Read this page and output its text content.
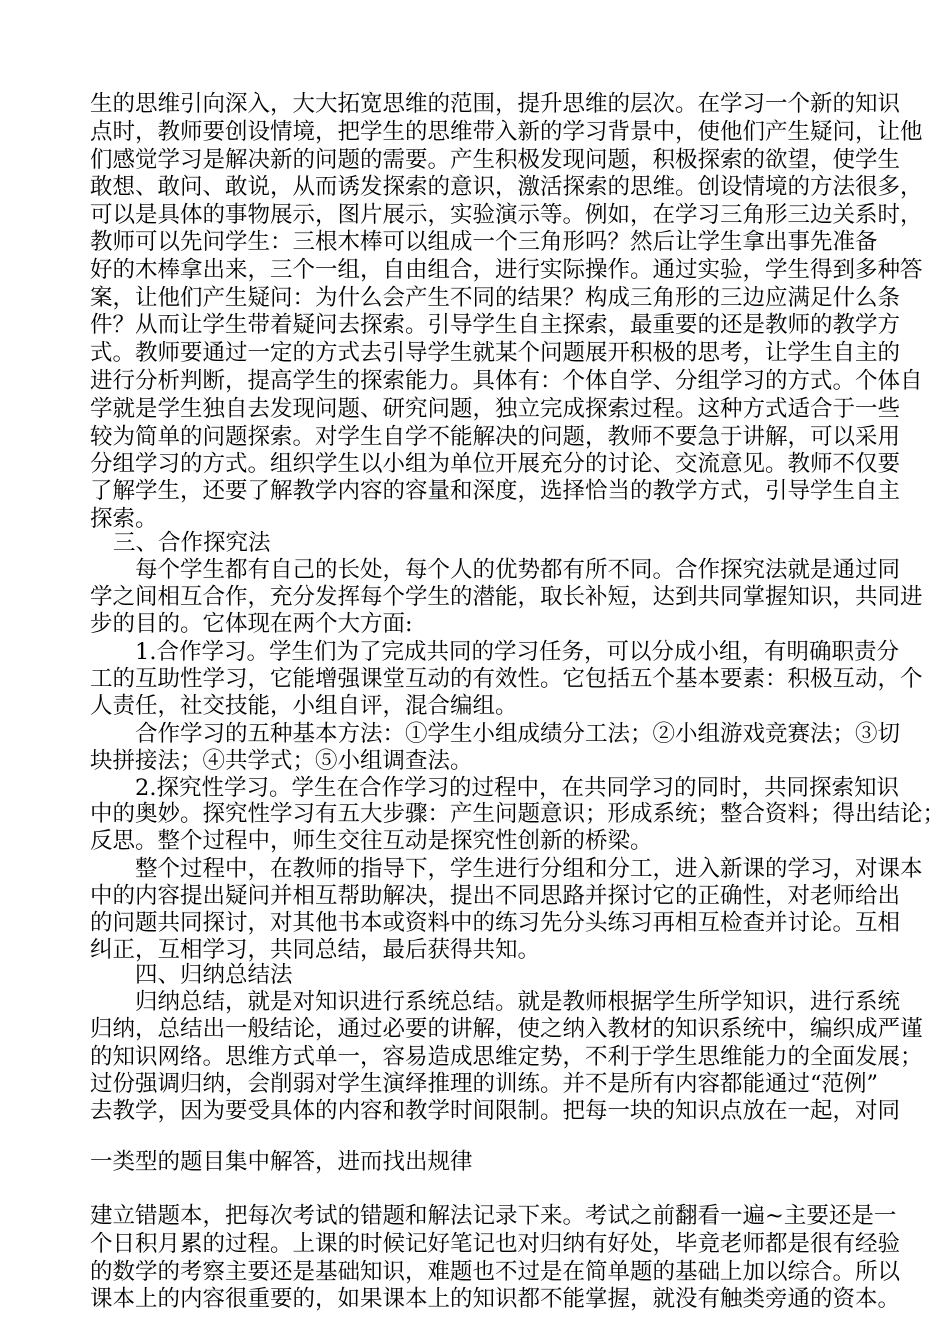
生的思维引向深入，大大拓宽思维的范围，提升思维的层次。在学习一个新的知识
点时，教师要创设情境，把学生的思维带入新的学习背景中，使他们产生疑问，让他
们感觉学习是解决新的问题的需要。产生积极发现问题，积极探索的欲望，使学生
敢想、敢问、敢说，从而诱发探索的意识，激活探索的思维。创设情境的方法很多，
可以是具体的事物展示，图片展示，实验演示等。例如，在学习三角形三边关系时，
教师可以先问学生：三根木棒可以组成一个三角形吗？然后让学生拿出事先准备
好的木棒拿出来，三个一组，自由组合，进行实际操作。通过实验，学生得到多种答
案，让他们产生疑问：为什么会产生不同的结果？构成三角形的三边应满足什么条
件？从而让学生带着疑问去探索。引导学生自主探索，最重要的还是教师的教学方
式。教师要通过一定的方式去引导学生就某个问题展开积极的思考，让学生自主的
进行分析判断，提高学生的探索能力。具体有：个体自学、分组学习的方式。个体自
学就是学生独自去发现问题、研究问题，独立完成探索过程。这种方式适合于一些
较为简单的问题探索。对学生自学不能解决的问题，教师不要急于讲解，可以采用
分组学习的方式。组织学生以小组为单位开展充分的讨论、交流意见。教师不仅要
了解学生，还要了解教学内容的容量和深度，选择恰当的教学方式，引导学生自主
探索。
三、合作探究法
每个学生都有自己的长处，每个人的优势都有所不同。合作探究法就是通过同
学之间相互合作，充分发挥每个学生的潜能，取长补短，达到共同掌握知识，共同进
步的目的。它体现在两个大方面:
1.合作学习。学生们为了完成共同的学习任务，可以分成小组，有明确职责分
工的互助性学习，它能增强课堂互动的有效性。它包括五个基本要素：积极互动，个
人责任，社交技能，小组自评，混合编组。
合作学习的五种基本方法：①学生小组成绩分工法；②小组游戏竞赛法；③切
块拼接法；④共学式；⑤小组调查法。
2.探究性学习。学生在合作学习的过程中，在共同学习的同时，共同探索知识
中的奥妙。探究性学习有五大步骤：产生问题意识；形成系统；整合资料；得出结论；
反思。整个过程中，师生交往互动是探究性创新的桥梁。
整个过程中，在教师的指导下，学生进行分组和分工，进入新课的学习，对课本
中的内容提出疑问并相互帮助解决，提出不同思路并探讨它的正确性，对老师给出
的问题共同探讨，对其他书本或资料中的练习先分头练习再相互检查并讨论。互相
纠正，互相学习，共同总结，最后获得共知。
四、归纳总结法
归纳总结，就是对知识进行系统总结。就是教师根据学生所学知识，进行系统
归纳，总结出一般结论，通过必要的讲解，使之纳入教材的知识系统中，编织成严谨
的知识网络。思维方式单一，容易造成思维定势，不利于学生思维能力的全面发展；
过份强调归纳，会削弱对学生演绎推理的训练。并不是所有内容都能通过“范例”
去教学，因为要受具体的内容和教学时间限制。把每一块的知识点放在一起，对同
一类型的题目集中解答，进而找出规律
建立错题本，把每次考试的错题和解法记录下来。考试之前翻看一遍~主要还是一
个日积月累的过程。上课的时候记好笔记也对归纳有好处，毕竟老师都是很有经验
的数学的考察主要还是基础知识，难题也不过是在简单题的基础上加以综合。所以
课本上的内容很重要的，如果课本上的知识都不能掌握，就没有触类旁通的资本。
